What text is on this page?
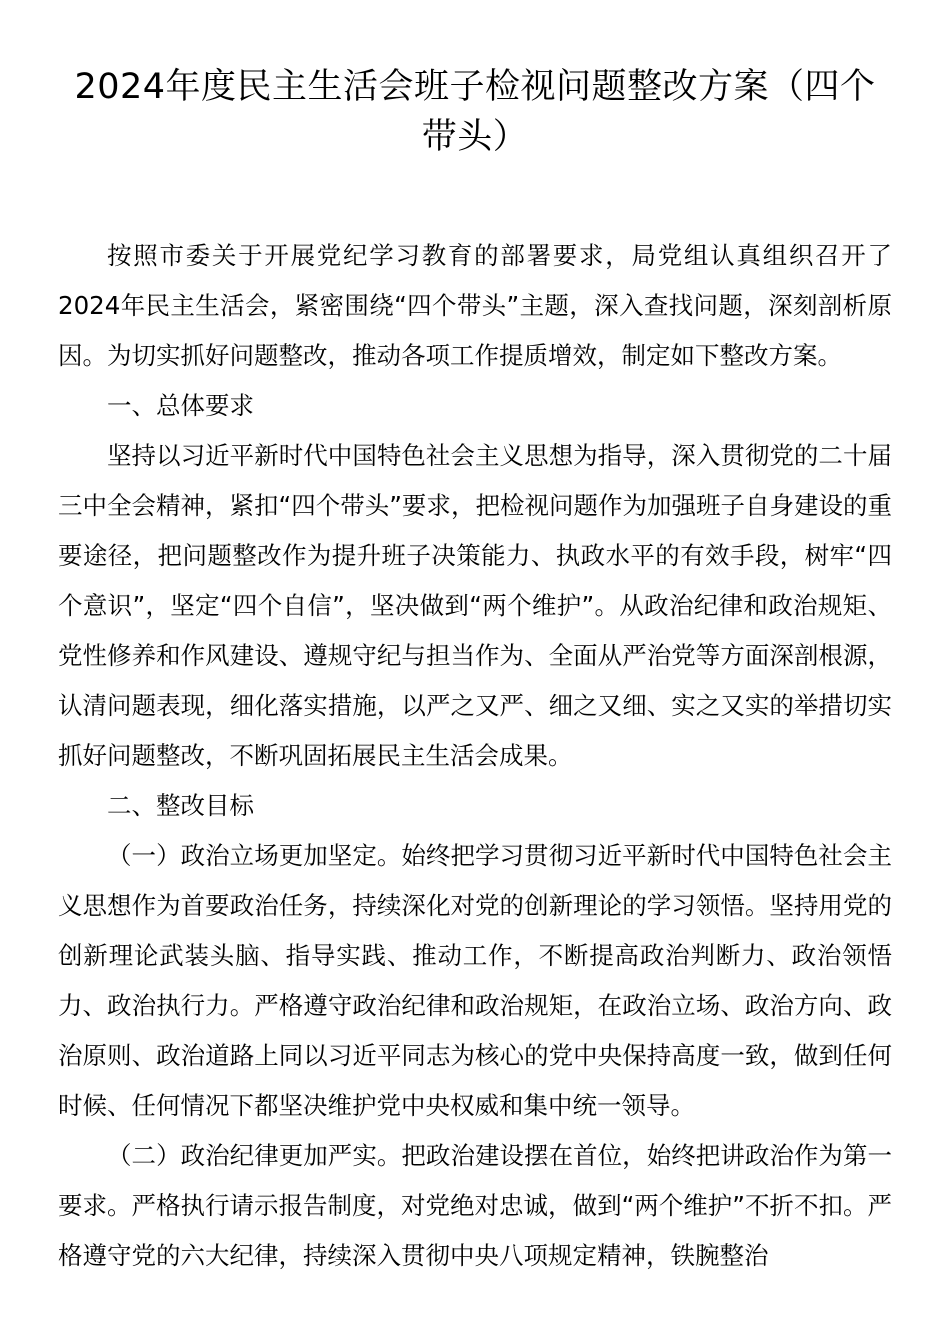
2024年度民主生活会班子检视问题整改方案（四个带头）

按照市委关于开展党纪学习教育的部署要求，局党组认真组织召开了2024年民主生活会，紧密围绕“四个带头”主题，深入查找问题，深刻剖析原因。为切实抓好问题整改，推动各项工作提质增效，制定如下整改方案。

一、总体要求

坚持以习近平新时代中国特色社会主义思想为指导，深入贯彻党的二十届三中全会精神，紧扣“四个带头”要求，把检视问题作为加强班子自身建设的重要途径，把问题整改作为提升班子决策能力、执政水平的有效手段，树牢“四个意识”，坚定“四个自信”，坚决做到“两个维护”。从政治纪律和政治规矩、党性修养和作风建设、遵规守纪与担当作为、全面从严治党等方面深剖根源，认清问题表现，细化落实措施，以严之又严、细之又细、实之又实的举措切实抓好问题整改，不断巩固拓展民主生活会成果。

二、整改目标

（一）政治立场更加坚定。始终把学习贯彻习近平新时代中国特色社会主义思想作为首要政治任务，持续深化对党的创新理论的学习领悟。坚持用党的创新理论武装头脑、指导实践、推动工作，不断提高政治判断力、政治领悟力、政治执行力。严格遵守政治纪律和政治规矩，在政治立场、政治方向、政治原则、政治道路上同以习近平同志为核心的党中央保持高度一致，做到任何时候、任何情况下都坚决维护党中央权威和集中统一领导。

（二）政治纪律更加严实。把政治建设摆在首位，始终把讲政治作为第一要求。严格执行请示报告制度，对党绝对忠诚，做到“两个维护”不折不扣。严格遵守党的六大纪律，持续深入贯彻中央八项规定精神，铁腕整治
